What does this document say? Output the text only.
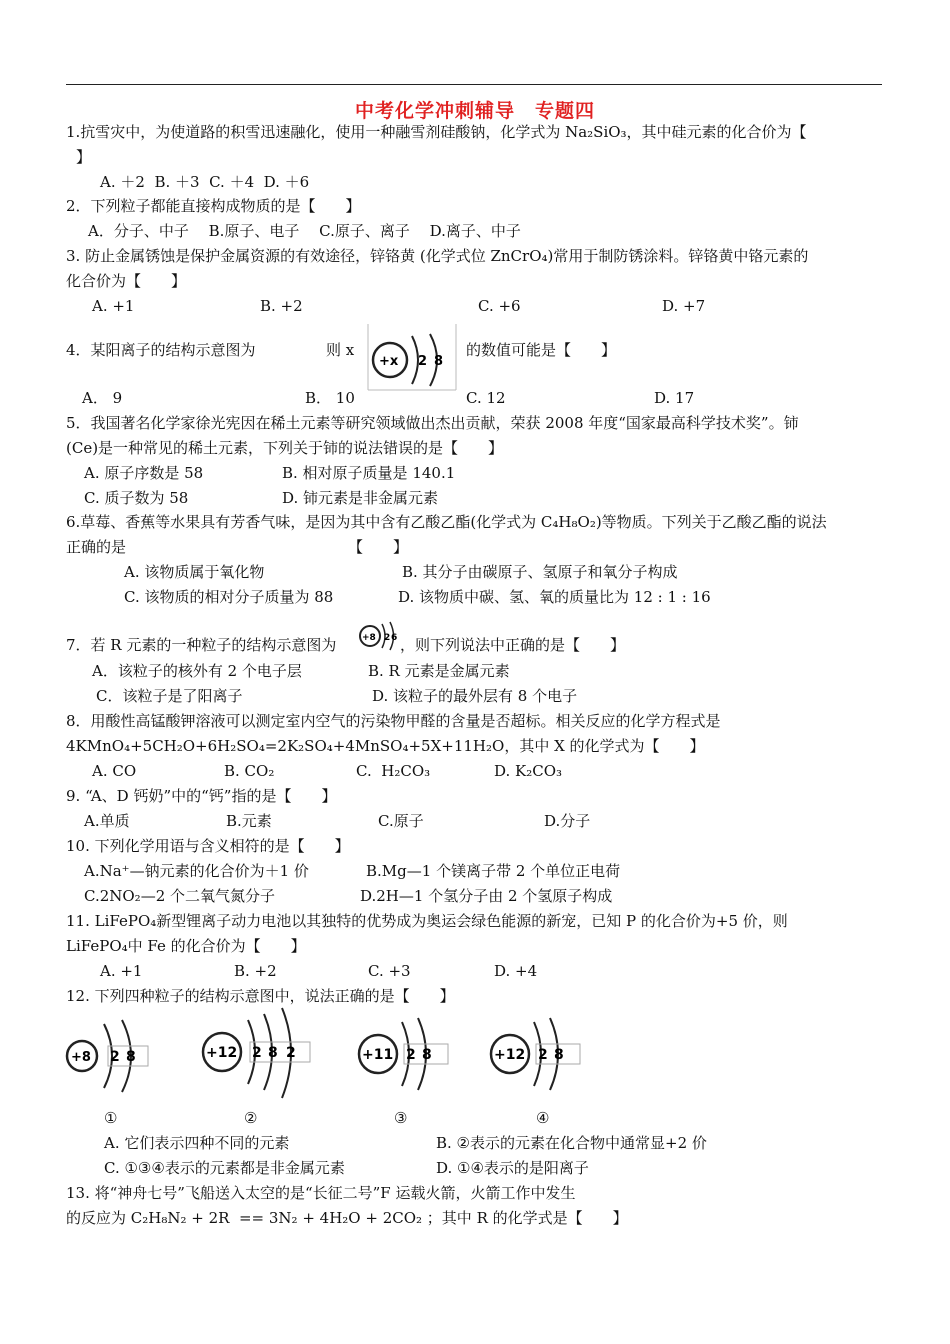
中考化学冲刺辅导　专题四
1.抗雪灾中，为使道路的积雪迅速融化，使用一种融雪剂硅酸钠，化学式为 Na₂SiO₃，其中硅元素的化合价为【
】
A. ＋2  B. ＋3  C. ＋4  D. ＋6
2．下列粒子都能直接构成物质的是【　　】
A．分子、中子　 B.原子、电子　 C.原子、离子　 D.离子、中子
3. 防止金属锈蚀是保护金属资源的有效途径，锌铬黄 (化学式位 ZnCrO₄)常用于制防锈涂料。锌铬黄中铬元素的
化合价为【　　】
A. +1	B. +2	C. +6	D. +7
4．某阳离子的结构示意图为	则 x	的数值可能是【　　】
A． 9	B． 10	C. 12	D. 17
5．我国著名化学家徐光宪因在稀土元素等研究领域做出杰出贡献，荣获 2008 年度“国家最高科学技术奖”。铈
(Ce)是一种常见的稀土元素，下列关于铈的说法错误的是【　　】
A. 原子序数是 58	B. 相对原子质量是 140.1
C. 质子数为 58	D. 铈元素是非金属元素
6.草莓、香蕉等水果具有芳香气味，是因为其中含有乙酸乙酯(化学式为 C₄H₈O₂)等物质。下列关于乙酸乙酯的说法
正确的是	【　　】
A. 该物质属于氧化物	B. 其分子由碳原子、氢原子和氧分子构成
C. 该物质的相对分子质量为 88	D. 该物质中碳、氢、氧的质量比为 12 : 1 : 16
7．若 R 元素的一种粒子的结构示意图为	，则下列说法中正确的是【　　】
A．该粒子的核外有 2 个电子层	B. R 元素是金属元素
C．该粒子是了阳离子	D. 该粒子的最外层有 8 个电子
8．用酸性高锰酸钾溶液可以测定室内空气的污染物甲醛的含量是否超标。相关反应的化学方程式是
4KMnO₄+5CH₂O+6H₂SO₄=2K₂SO₄+4MnSO₄+5X+11H₂O，其中 X 的化学式为【　　】
A. CO	B. CO₂	C.  H₂CO₃	D. K₂CO₃
9. “A、D 钙奶”中的“钙”指的是【　　】
A.单质	B.元素	C.原子	D.分子
10. 下列化学用语与含义相符的是【　　】
A.Na⁺—钠元素的化合价为＋1 价	B.Mg—1 个镁离子带 2 个单位正电荷
C.2NO₂—2 个二氧气氮分子	D.2H—1 个氢分子由 2 个氢原子构成
11. LiFePO₄新型锂离子动力电池以其独特的优势成为奥运会绿色能源的新宠，已知 P 的化合价为+5 价，则
LiFePO₄中 Fe 的化合价为【　　】
A. +1	B. +2	C. +3	D. +4
12. 下列四种粒子的结构示意图中，说法正确的是【　　】
①	②	③	④
A. 它们表示四种不同的元素	B. ②表示的元素在化合物中通常显+2 价
C. ①③④表示的元素都是非金属元素	D. ①④表示的是阳离子
13. 将“神舟七号”飞船送入太空的是“长征二号”F 运载火箭，火箭工作中发生
的反应为 C₂H₈N₂ + 2R  == 3N₂ + 4H₂O + 2CO₂ ；其中 R 的化学式是【　　】
+x 2 8
+8 2 6
+8 2 8	+12 2 8 2	+11 2 8	+12 2 8
